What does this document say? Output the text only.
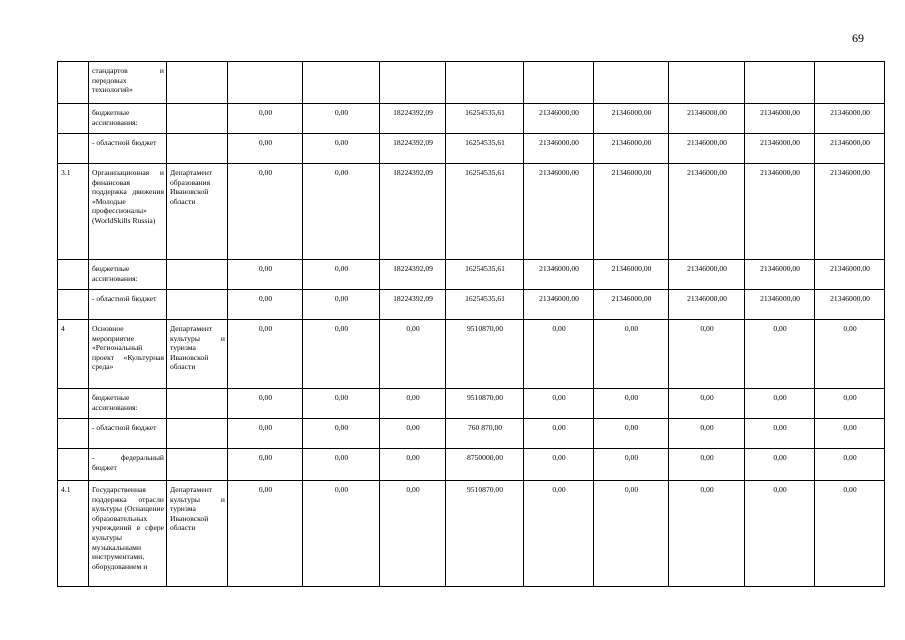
69
	стандартов и передовых технологий»										
	бюджетные ассигнования:		0,00	0,00	18224392,09	16254535,61	21346000,00	21346000,00	21346000,00	21346000,00	21346000,00
	- областной бюджет		0,00	0,00	18224392,09	16254535,61	21346000,00	21346000,00	21346000,00	21346000,00	21346000,00
3.1	Организационная и финансовая поддержка движения «Молодые профессионалы» (WorldSkills Russia)	Департамент образования Ивановской области	0,00	0,00	18224392,09	16254535,61	21346000,00	21346000,00	21346000,00	21346000,00	21346000,00
	бюджетные ассигнования:		0,00	0,00	18224392,09	16254535,61	21346000,00	21346000,00	21346000,00	21346000,00	21346000,00
	- областной бюджет		0,00	0,00	18224392,09	16254535,61	21346000,00	21346000,00	21346000,00	21346000,00	21346000,00
4	Основное мероприятие «Региональный проект «Культурная среда»	Департамент культуры и туризма Ивановской области	0,00	0,00	0,00	9510870,00	0,00	0,00	0,00	0,00	0,00
	бюджетные ассигнования:		0,00	0,00	0,00	9510870,00	0,00	0,00	0,00	0,00	0,00
	- областной бюджет		0,00	0,00	0,00	760 870,00	0,00	0,00	0,00	0,00	0,00
	- федеральный бюджет		0,00	0,00	0,00	8750000,00	0,00	0,00	0,00	0,00	0,00
4.1	Государственная поддержка отрасли культуры (Оснащение образовательных учреждений в сфере культуры музыкальными инструментами, оборудованием и	Департамент культуры и туризма Ивановской области	0,00	0,00	0,00	9510870,00	0,00	0,00	0,00	0,00	0,00
